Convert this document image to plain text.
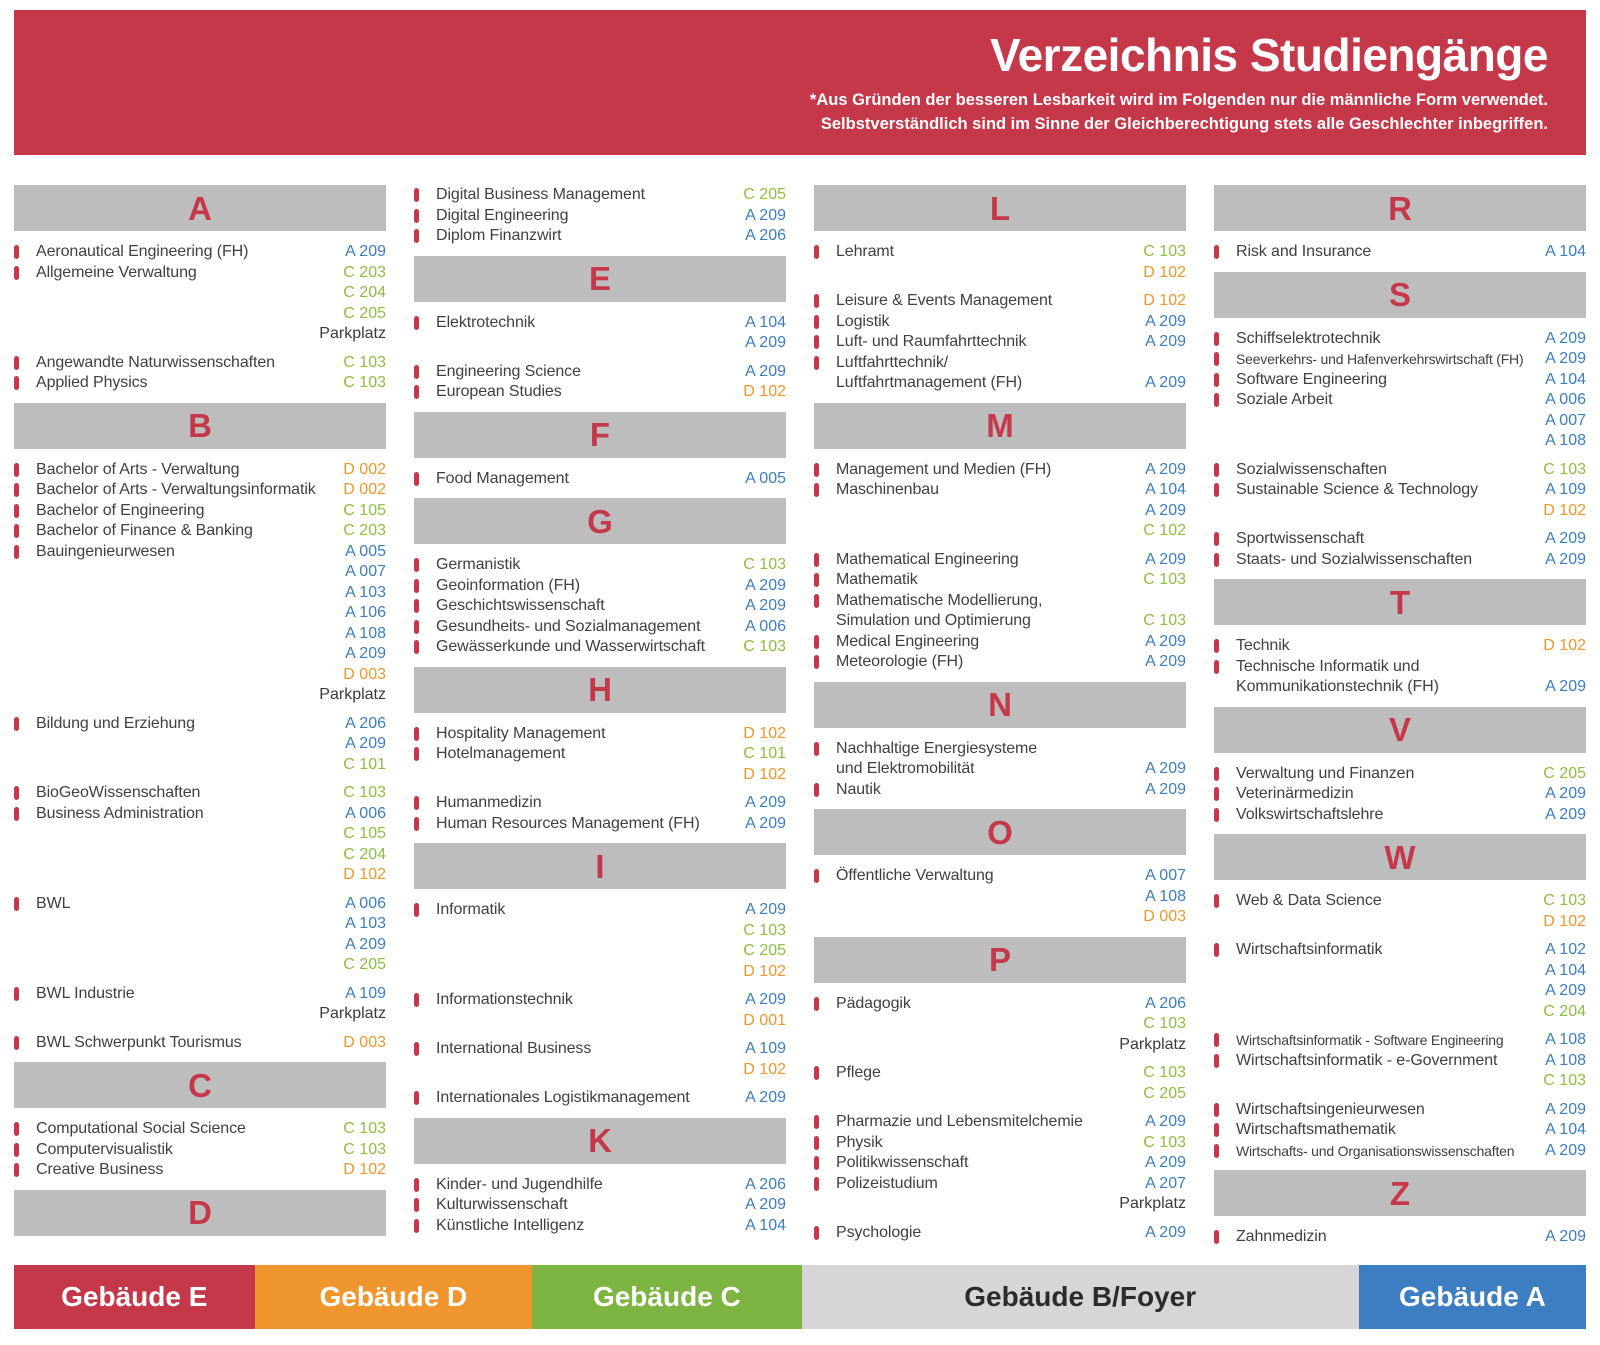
Verzeichnis Studiengänge

*Aus Gründen der besseren Lesbarkeit wird im Folgenden nur die männliche Form verwendet.
Selbstverständlich sind im Sinne der Gleichberechtigung stets alle Geschlechter inbegriffen.

A
Aeronautical Engineering (FH)	A 209
Allgemeine Verwaltung	C 203
C 204
C 205
Parkplatz
Angewandte Naturwissenschaften	C 103
Applied Physics	C 103
B
Bachelor of Arts - Verwaltung	D 002
Bachelor of Arts - Verwaltungsinformatik	D 002
Bachelor of Engineering	C 105
Bachelor of Finance & Banking	C 203
Bauingenieurwesen	A 005
A 007
A 103
A 106
A 108
A 209
D 003
Parkplatz
Bildung und Erziehung	A 206
A 209
C 101
BioGeoWissenschaften	C 103
Business Administration	A 006
C 105
C 204
D 102
BWL	A 006
A 103
A 209
C 205
BWL Industrie	A 109
Parkplatz
BWL Schwerpunkt Tourismus	D 003
C
Computational Social Science	C 103
Computervisualistik	C 103
Creative Business	D 102
D
Digital Business Management	C 205
Digital Engineering	A 209
Diplom Finanzwirt	A 206
E
Elektrotechnik	A 104
A 209
Engineering Science	A 209
European Studies	D 102
F
Food Management	A 005
G
Germanistik	C 103
Geoinformation (FH)	A 209
Geschichtswissenschaft	A 209
Gesundheits- und Sozialmanagement	A 006
Gewässerkunde und Wasserwirtschaft	C 103
H
Hospitality Management	D 102
Hotelmanagement	C 101
D 102
Humanmedizin	A 209
Human Resources Management (FH)	A 209
I
Informatik	A 209
C 103
C 205
D 102
Informationstechnik	A 209
D 001
International Business	A 109
D 102
Internationales Logistikmanagement	A 209
K
Kinder- und Jugendhilfe	A 206
Kulturwissenschaft	A 209
Künstliche Intelligenz	A 104
L
Lehramt	C 103
D 102
Leisure & Events Management	D 102
Logistik	A 209
Luft- und Raumfahrttechnik	A 209
Luftfahrttechnik/
Luftfahrtmanagement (FH)	A 209
M
Management und Medien (FH)	A 209
Maschinenbau	A 104
A 209
C 102
Mathematical Engineering	A 209
Mathematik	C 103
Mathematische Modellierung,
Simulation und Optimierung	C 103
Medical Engineering	A 209
Meteorologie (FH)	A 209
N
Nachhaltige Energiesysteme
und Elektromobilität	A 209
Nautik	A 209
O
Öffentliche Verwaltung	A 007
A 108
D 003
P
Pädagogik	A 206
C 103
Parkplatz
Pflege	C 103
C 205
Pharmazie und Lebensmitelchemie	A 209
Physik	C 103
Politikwissenschaft	A 209
Polizeistudium	A 207
Parkplatz
Psychologie	A 209
R
Risk and Insurance	A 104
S
Schiffselektrotechnik	A 209
Seeverkehrs- und Hafenverkehrswirtschaft (FH)	A 209
Software Engineering	A 104
Soziale Arbeit	A 006
A 007
A 108
Sozialwissenschaften	C 103
Sustainable Science & Technology	A 109
D 102
Sportwissenschaft	A 209
Staats- und Sozialwissenschaften	A 209
T
Technik	D 102
Technische Informatik und
Kommunikationstechnik (FH)	A 209
V
Verwaltung und Finanzen	C 205
Veterinärmedizin	A 209
Volkswirtschaftslehre	A 209
W
Web & Data Science	C 103
D 102
Wirtschaftsinformatik	A 102
A 104
A 209
C 204
Wirtschaftsinformatik - Software Engineering	A 108
Wirtschaftsinformatik - e-Government	A 108
C 103
Wirtschaftsingenieurwesen	A 209
Wirtschaftsmathematik	A 104
Wirtschafts- und Organisationswissenschaften	A 209
Z
Zahnmedizin	A 209
Gebäude E	Gebäude D	Gebäude C	Gebäude B/Foyer	Gebäude A
